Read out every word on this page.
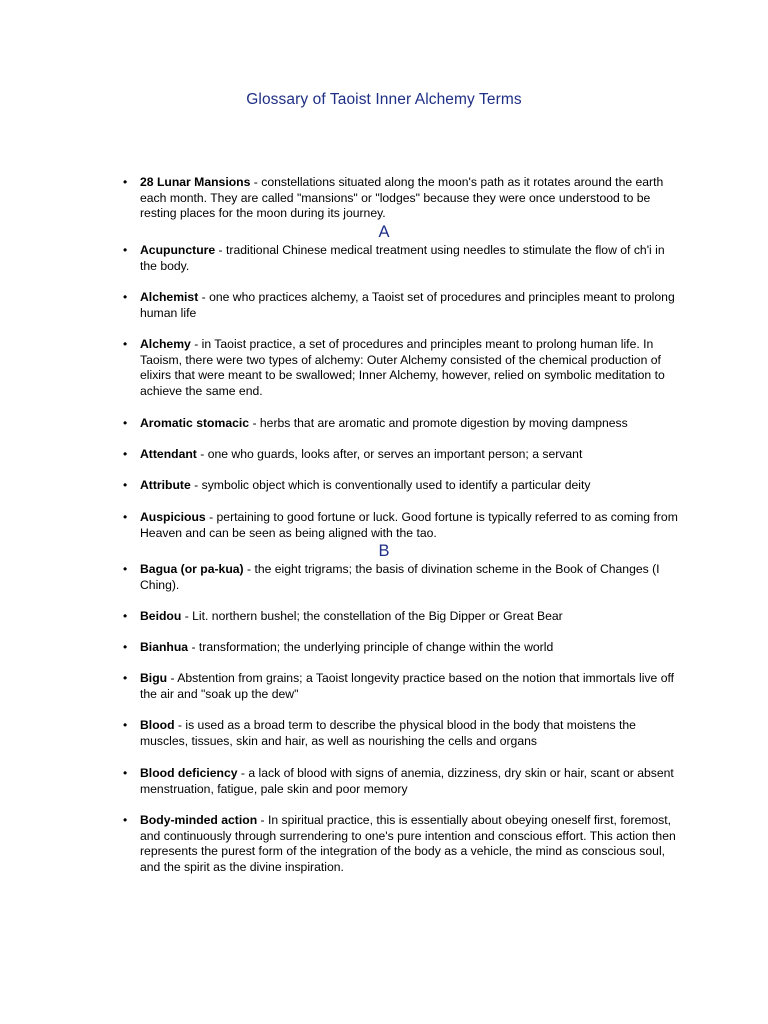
Glossary of Taoist Inner Alchemy Terms
• 28 Lunar Mansions - constellations situated along the moon's path as it rotates around the earth each month. They are called "mansions" or "lodges" because they were once understood to be resting places for the moon during its journey.
A
• Acupuncture - traditional Chinese medical treatment using needles to stimulate the flow of ch'i in the body.
• Alchemist - one who practices alchemy, a Taoist set of procedures and principles meant to prolong human life
• Alchemy - in Taoist practice, a set of procedures and principles meant to prolong human life. In Taoism, there were two types of alchemy: Outer Alchemy consisted of the chemical production of elixirs that were meant to be swallowed; Inner Alchemy, however, relied on symbolic meditation to achieve the same end.
• Aromatic stomacic - herbs that are aromatic and promote digestion by moving dampness
• Attendant - one who guards, looks after, or serves an important person; a servant
• Attribute - symbolic object which is conventionally used to identify a particular deity
• Auspicious - pertaining to good fortune or luck. Good fortune is typically referred to as coming from Heaven and can be seen as being aligned with the tao.
B
• Bagua (or pa-kua) - the eight trigrams; the basis of divination scheme in the Book of Changes (I Ching).
• Beidou - Lit. northern bushel; the constellation of the Big Dipper or Great Bear
• Bianhua - transformation; the underlying principle of change within the world
• Bigu - Abstention from grains; a Taoist longevity practice based on the notion that immortals live off the air and "soak up the dew"
• Blood - is used as a broad term to describe the physical blood in the body that moistens the muscles, tissues, skin and hair, as well as nourishing the cells and organs
• Blood deficiency - a lack of blood with signs of anemia, dizziness, dry skin or hair, scant or absent menstruation, fatigue, pale skin and poor memory
• Body-minded action - In spiritual practice, this is essentially about obeying oneself first, foremost, and continuously through surrendering to one's pure intention and conscious effort. This action then represents the purest form of the integration of the body as a vehicle, the mind as conscious soul, and the spirit as the divine inspiration.
